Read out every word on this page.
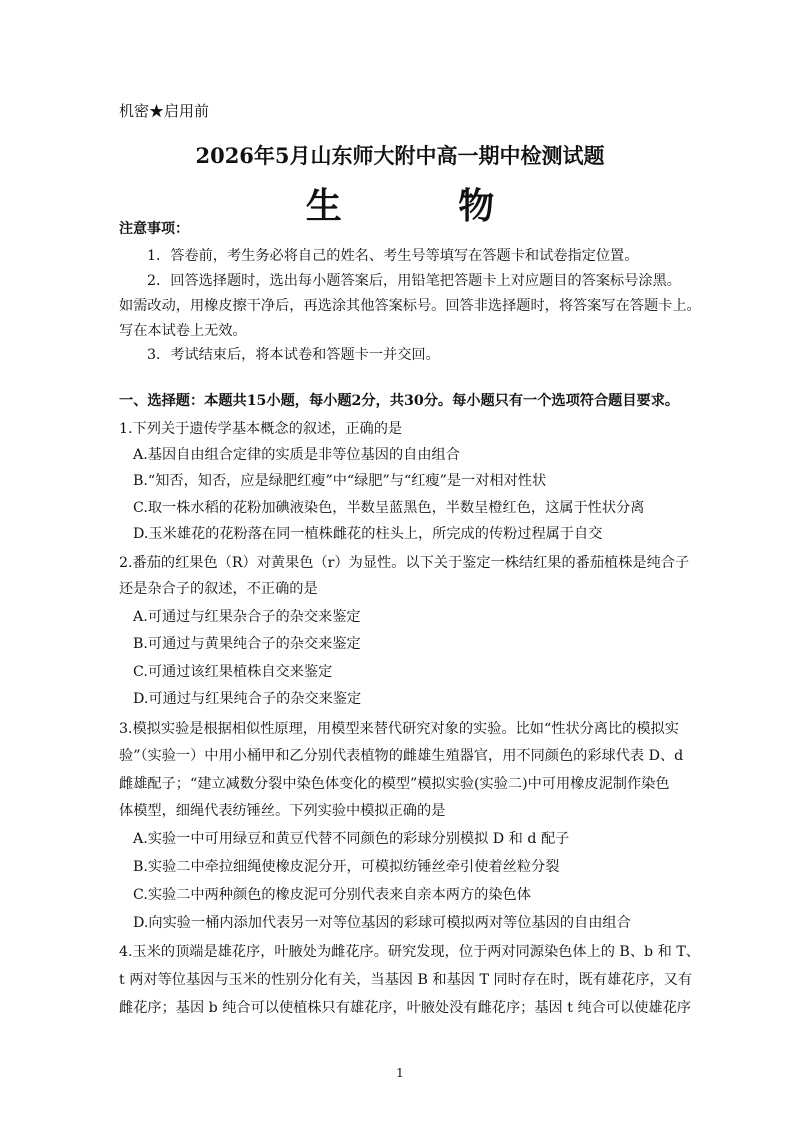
机密★启用前
2026年5月山东师大附中高一期中检测试题
生 物
注意事项：
1．答卷前，考生务必将自己的姓名、考生号等填写在答题卡和试卷指定位置。
2．回答选择题时，选出每小题答案后，用铅笔把答题卡上对应题目的答案标号涂黑。
如需改动，用橡皮擦干净后，再选涂其他答案标号。回答非选择题时，将答案写在答题卡上。
写在本试卷上无效。
3．考试结束后，将本试卷和答题卡一并交回。
一、选择题：本题共15小题，每小题2分，共30分。每小题只有一个选项符合题目要求。
1.下列关于遗传学基本概念的叙述，正确的是
A.基因自由组合定律的实质是非等位基因的自由组合
B.“知否，知否，应是绿肥红瘦”中“绿肥”与“红瘦”是一对相对性状
C.取一株水稻的花粉加碘液染色，半数呈蓝黑色，半数呈橙红色，这属于性状分离
D.玉米雄花的花粉落在同一植株雌花的柱头上，所完成的传粉过程属于自交
2.番茄的红果色（R）对黄果色（r）为显性。以下关于鉴定一株结红果的番茄植株是纯合子
还是杂合子的叙述，不正确的是
A.可通过与红果杂合子的杂交来鉴定
B.可通过与黄果纯合子的杂交来鉴定
C.可通过该红果植株自交来鉴定
D.可通过与红果纯合子的杂交来鉴定
3.模拟实验是根据相似性原理，用模型来替代研究对象的实验。比如“性状分离比的模拟实
验”（实验一）中用小桶甲和乙分别代表植物的雌雄生殖器官，用不同颜色的彩球代表 D、d
雌雄配子；“建立减数分裂中染色体变化的模型”模拟实验(实验二)中可用橡皮泥制作染色
体模型，细绳代表纺锤丝。下列实验中模拟正确的是
A.实验一中可用绿豆和黄豆代替不同颜色的彩球分别模拟 D 和 d 配子
B.实验二中牵拉细绳使橡皮泥分开，可模拟纺锤丝牵引使着丝粒分裂
C.实验二中两种颜色的橡皮泥可分别代表来自亲本两方的染色体
D.向实验一桶内添加代表另一对等位基因的彩球可模拟两对等位基因的自由组合
4.玉米的顶端是雄花序，叶腋处为雌花序。研究发现，位于两对同源染色体上的 B、b 和 T、
t 两对等位基因与玉米的性别分化有关，当基因 B 和基因 T 同时存在时，既有雄花序，又有
雌花序；基因 b 纯合可以使植株只有雄花序，叶腋处没有雌花序；基因 t 纯合可以使雄花序
1
